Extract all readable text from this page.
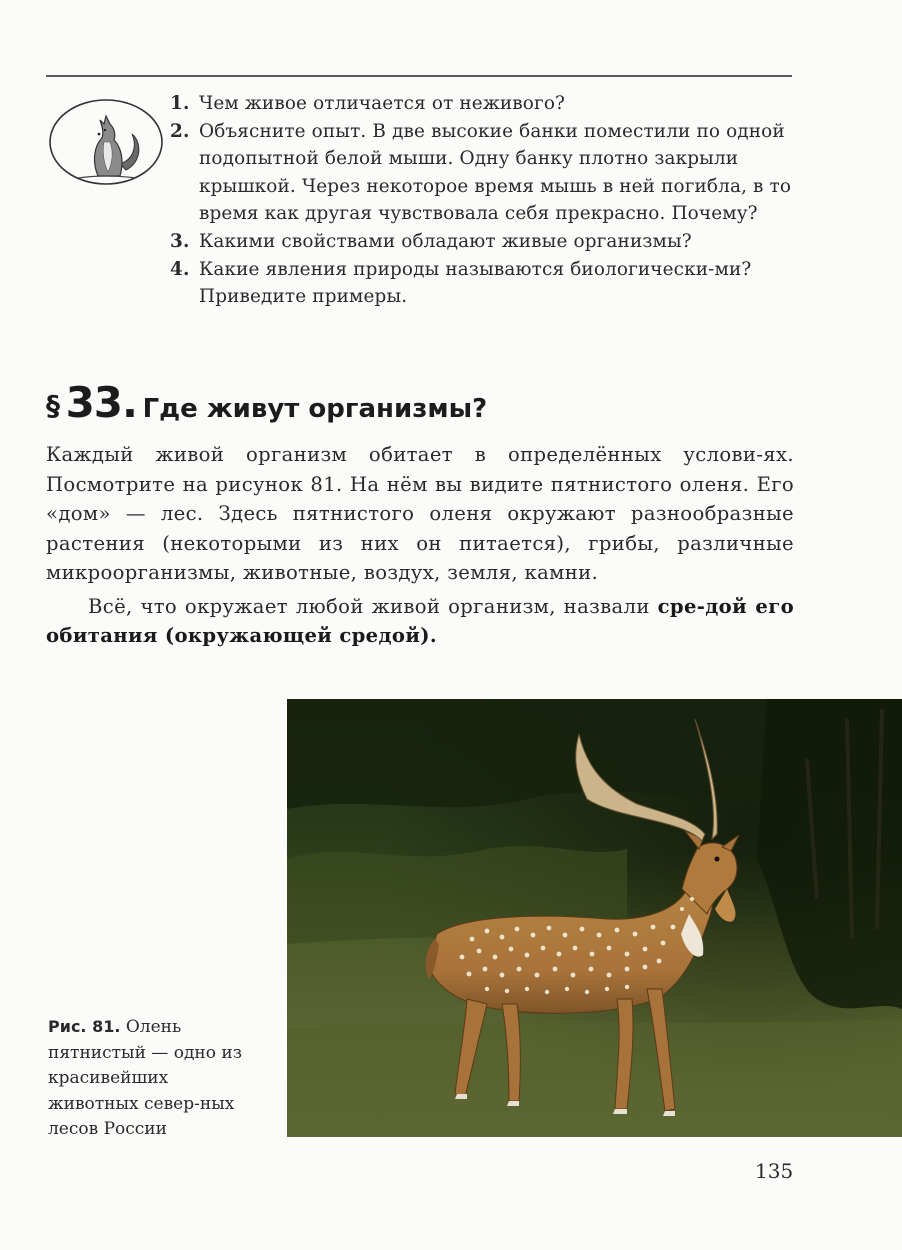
1. Чем живое отличается от неживого?
2. Объясните опыт. В две высокие банки поместили по одной подопытной белой мыши. Одну банку плотно закрыли крышкой. Через некоторое время мышь в ней погибла, в то время как другая чувствовала себя прекрасно. Почему?
3. Какими свойствами обладают живые организмы?
4. Какие явления природы называются биологически-ми? Приведите примеры.
§ 33. Где живут организмы?

Каждый живой организм обитает в определённых услови-ях. Посмотрите на рисунок 81. На нём вы видите пятнистого оленя. Его «дом» — лес. Здесь пятнистого оленя окружают разнообразные растения (некоторыми из них он питается), грибы, различные микроорганизмы, животные, воздух, земля, камни.

Всё, что окружает любой живой организм, назвали сре-дой его обитания (окружающей средой).

Рис. 81. Олень пятнистый — одно из красивейших животных север-ных лесов России
135
